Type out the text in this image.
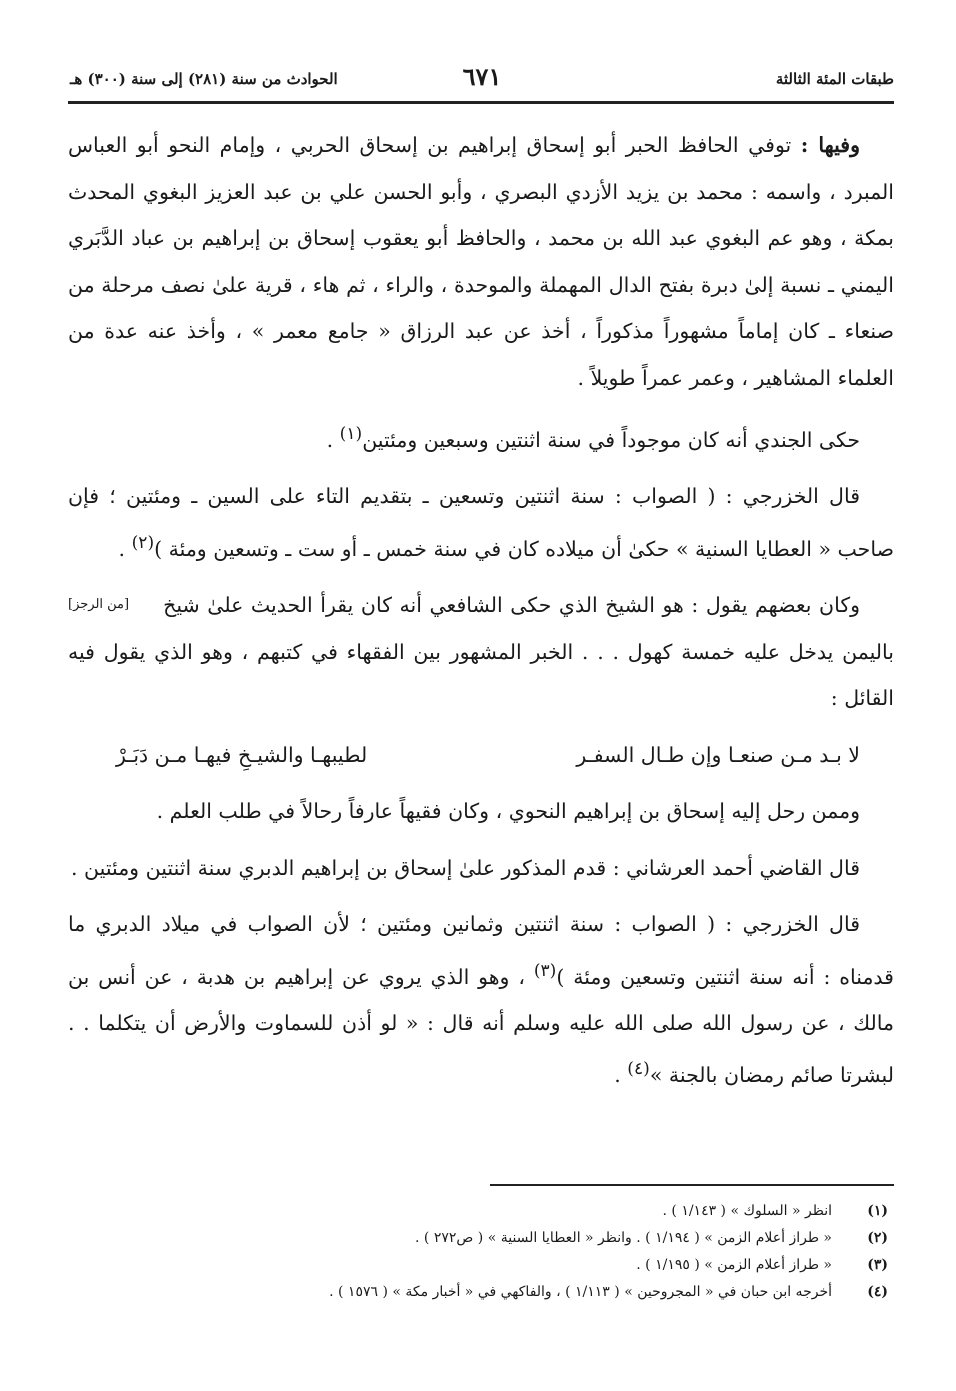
طبقات المئة الثالثة
٦٧١
الحوادث من سنة (٢٨١) إلى سنة (٣٠٠) هـ

وفيها : توفي الحافظ الحبر أبو إسحاق إبراهيم بن إسحاق الحربي ، وإمام النحو أبو العباس المبرد ، واسمه : محمد بن يزيد الأزدي البصري ، وأبو الحسن علي بن عبد العزيز البغوي المحدث بمكة ، وهو عم البغوي عبد الله بن محمد ، والحافظ أبو يعقوب إسحاق بن إبراهيم بن عباد الدَّبَري اليمني ـ نسبة إلىٰ دبرة بفتح الدال المهملة والموحدة ، والراء ، ثم هاء ، قرية علىٰ نصف مرحلة من صنعاء ـ كان إماماً مشهوراً مذكوراً ، أخذ عن عبد الرزاق « جامع معمر » ، وأخذ عنه عدة من العلماء المشاهير ، وعمر عمراً طويلاً .

حكى الجندي أنه كان موجوداً في سنة اثنتين وسبعين ومئتين$^{(١)}$ .

قال الخزرجي : ( الصواب : سنة اثنتين وتسعين ـ بتقديم التاء على السين ـ ومئتين ؛ فإن صاحب « العطايا السنية » حكىٰ أن ميلاده كان في سنة خمس ـ أو ست ـ وتسعين ومئة )$^{(٢)}$ .

[من الرجز]	وكان بعضهم يقول : هو الشيخ الذي حكى الشافعي أنه كان يقرأ الحديث علىٰ شيخ باليمن يدخل عليه خمسة كهول . . . الخبر المشهور بين الفقهاء في كتبهم ، وهو الذي يقول فيه القائل :

لا بـد مـن صنعـا وإن طـال السفـر
لطيبهـا والشيـخِ فيهـا مـن دَبَـرْ

وممن رحل إليه إسحاق بن إبراهيم النحوي ، وكان فقيهاً عارفاً رحالاً في طلب العلم .

قال القاضي أحمد العرشاني : قدم المذكور علىٰ إسحاق بن إبراهيم الدبري سنة اثنتين ومئتين .

قال الخزرجي : ( الصواب : سنة اثنتين وثمانين ومئتين ؛ لأن الصواب في ميلاد الدبري ما قدمناه : أنه سنة اثنتين وتسعين ومئة )$^{(٣)}$ ، وهو الذي يروي عن إبراهيم بن هدبة ، عن أنس بن مالك ، عن رسول الله صلى الله عليه وسلم أنه قال : « لو أذن للسماوت والأرض أن يتكلما . . لبشرتا صائم رمضان بالجنة »$^{(٤)}$ .

(١)
انظر « السلوك » ( ١/١٤٣ ) .
(٢)
« طراز أعلام الزمن » ( ١/١٩٤ ) . وانظر « العطايا السنية » ( ص٢٧٢ ) .
(٣)
« طراز أعلام الزمن » ( ١/١٩٥ ) .
(٤)
أخرجه ابن حبان في « المجروحين » ( ١/١١٣ ) ، والفاكهي في « أخبار مكة » ( ١٥٧٦ ) .
